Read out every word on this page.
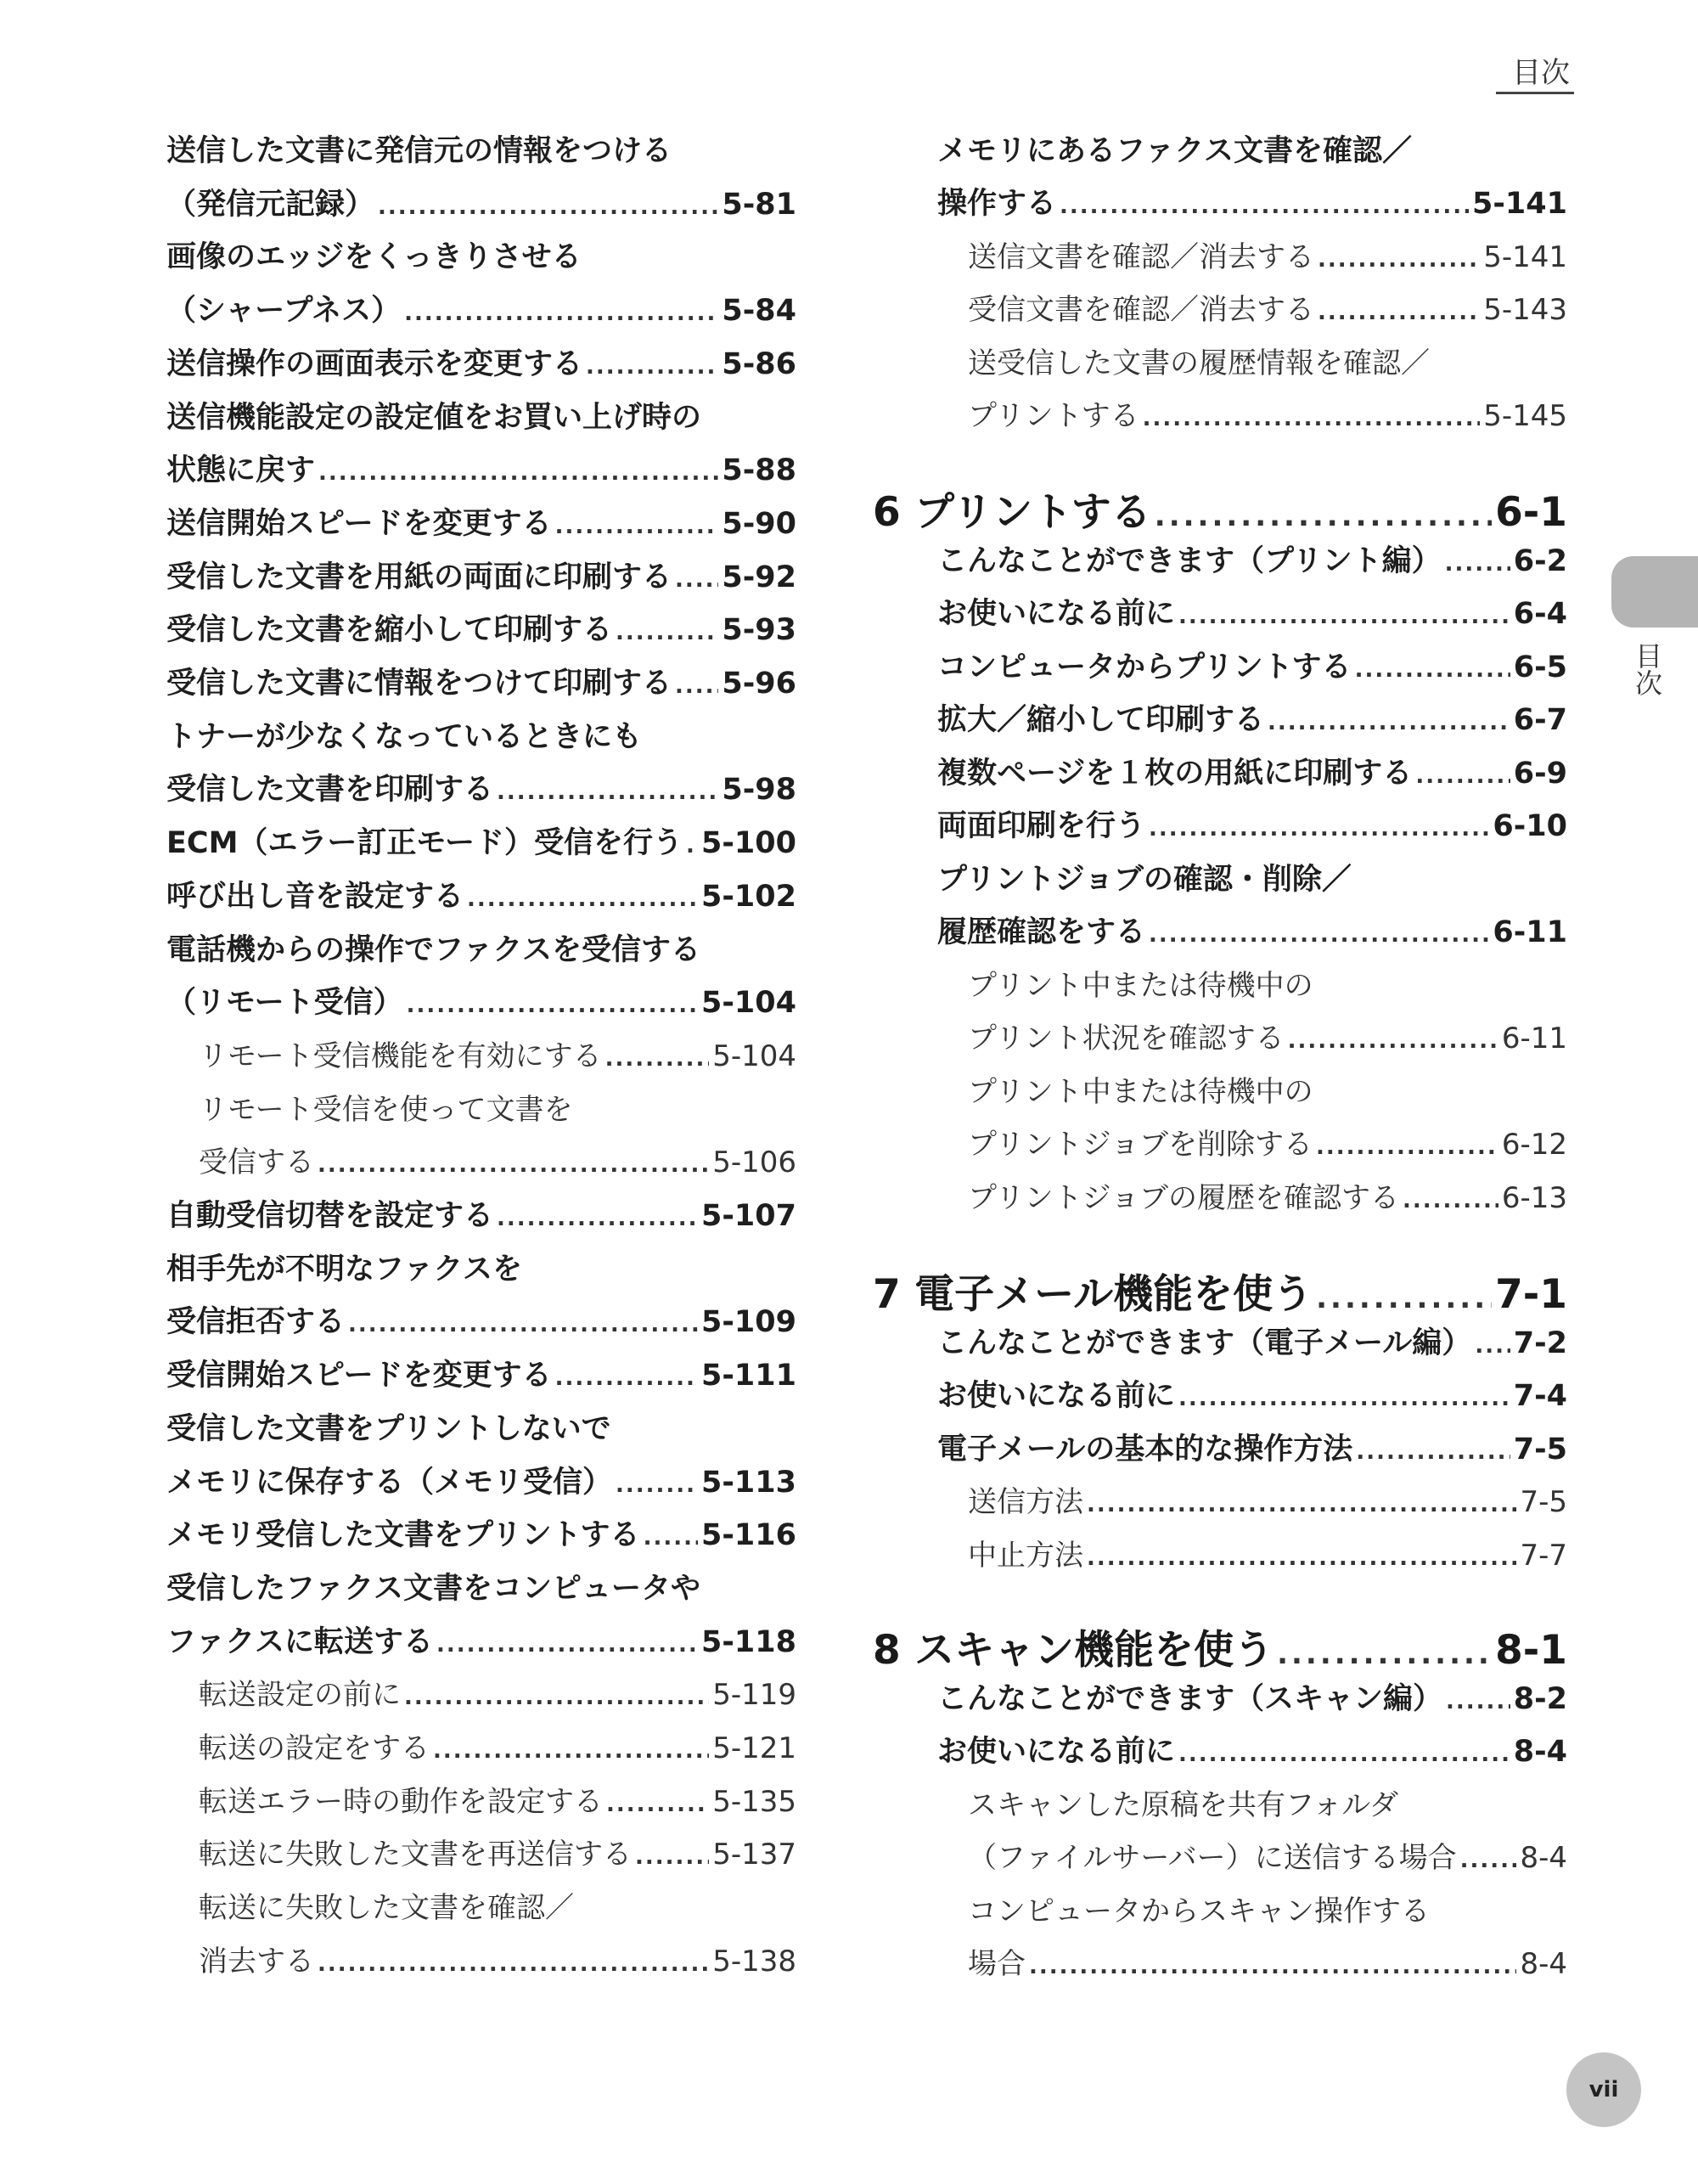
目次
送信した文書に発信元の情報をつける
（発信元記録） .....	5-81
画像のエッジをくっきりさせる
（シャープネス） .....	5-84
送信操作の画面表示を変更する .....	5-86
送信機能設定の設定値をお買い上げ時の
状態に戻す .....	5-88
送信開始スピードを変更する .....	5-90
受信した文書を用紙の両面に印刷する ..... 5-92
受信した文書を縮小して印刷する .....	5-93
受信した文書に情報をつけて印刷する ..... 5-96
トナーが少なくなっているときにも
受信した文書を印刷する .....	5-98
ECM（エラー訂正モード）受信を行う ..... 5-100
呼び出し音を設定する .....	5-102
電話機からの操作でファクスを受信する
（リモート受信） .....	5-104
リモート受信機能を有効にする .....	5-104
リモート受信を使って文書を
受信する .....	5-106
自動受信切替を設定する .....	5-107
相手先が不明なファクスを
受信拒否する .....	5-109
受信開始スピードを変更する .....	5-111
受信した文書をプリントしないで
メモリに保存する（メモリ受信） .....	5-113
メモリ受信した文書をプリントする ..... 5-116
受信したファクス文書をコンピュータや
ファクスに転送する .....	5-118
転送設定の前に .....	5-119
転送の設定をする .....	5-121
転送エラー時の動作を設定する .....	5-135
転送に失敗した文書を再送信する .....	5-137
転送に失敗した文書を確認／
消去する .....	5-138
メモリにあるファクス文書を確認／
操作する .....	5-141
送信文書を確認／消去する .....	5-141
受信文書を確認／消去する .....	5-143
送受信した文書の履歴情報を確認／
プリントする .....	5-145
6 プリントする .....	6-1
こんなことができます（プリント編） ..... 6-2
お使いになる前に .....	6-4
コンピュータからプリントする .....	6-5
拡大／縮小して印刷する .....	6-7
複数ページを１枚の用紙に印刷する .....	6-9
両面印刷を行う .....	6-10
プリントジョブの確認・削除／
履歴確認をする .....	6-11
プリント中または待機中の
プリント状況を確認する .....	6-11
プリント中または待機中の
プリントジョブを削除する .....	6-12
プリントジョブの履歴を確認する .....	6-13
7 電子メール機能を使う .....	7-1
こんなことができます（電子メール編） ..... 7-2
お使いになる前に .....	7-4
電子メールの基本的な操作方法 .....	7-5
送信方法 .....	7-5
中止方法 .....	7-7
8 スキャン機能を使う .....	8-1
こんなことができます（スキャン編） ..... 8-2
お使いになる前に .....	8-4
スキャンした原稿を共有フォルダ
（ファイルサーバー）に送信する場合 ..... 8-4
コンピュータからスキャン操作する
場合 .....	8-4
目次
vii
